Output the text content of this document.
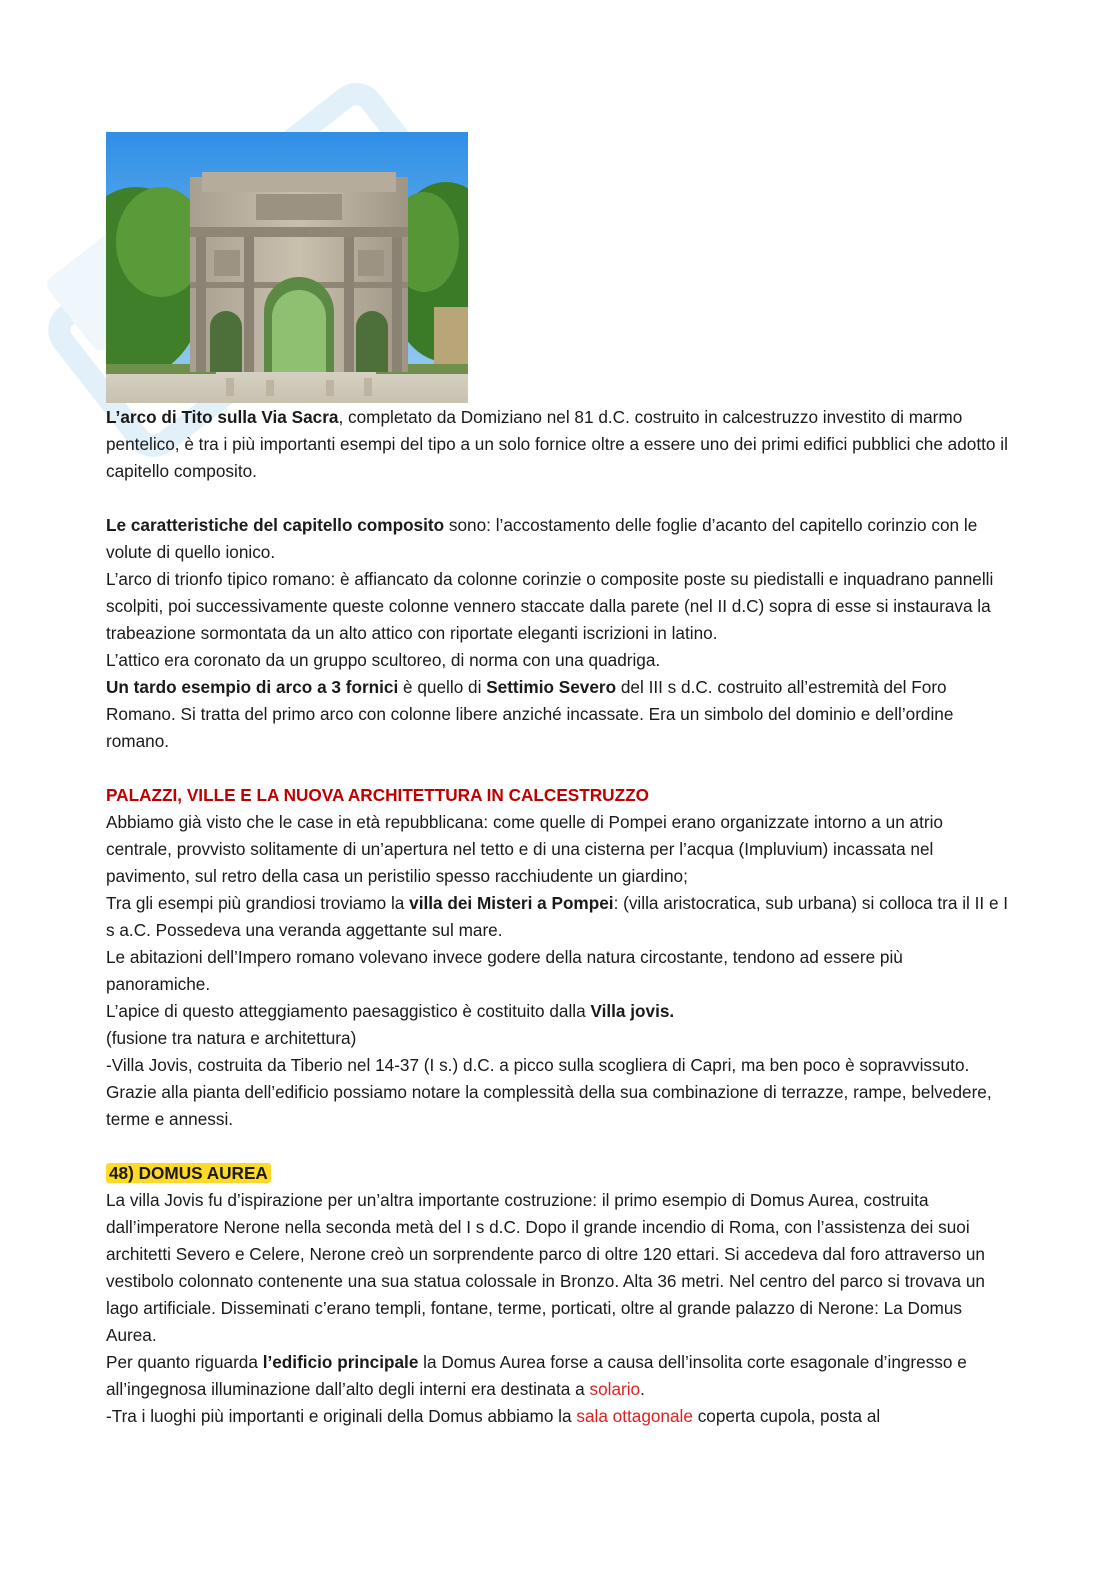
L’arco di Tito sulla Via Sacra, completato da Domiziano nel 81 d.C. costruito in calcestruzzo investito di marmo pentelico, è tra i più importanti esempi del tipo a un solo fornice oltre a essere uno dei primi edifici pubblici che adotto il capitello composito.

Le caratteristiche del capitello composito sono: l’accostamento delle foglie d’acanto del capitello corinzio con le volute di quello ionico.

L’arco di trionfo tipico romano: è affiancato da colonne corinzie o composite poste su piedistalli e inquadrano pannelli scolpiti, poi successivamente queste colonne vennero staccate dalla parete (nel II d.C) sopra di esse si instaurava la trabeazione sormontata da un alto attico con riportate eleganti iscrizioni in latino.

L’attico era coronato da un gruppo scultoreo, di norma con una quadriga.

Un tardo esempio di arco a 3 fornici è quello di Settimio Severo del III s d.C. costruito all’estremità del Foro Romano. Si tratta del primo arco con colonne libere anziché incassate. Era un simbolo del dominio e dell’ordine romano.

PALAZZI, VILLE E LA NUOVA ARCHITETTURA IN CALCESTRUZZO

Abbiamo già visto che le case in età repubblicana: come quelle di Pompei erano organizzate intorno a un atrio centrale, provvisto solitamente di un’apertura nel tetto e di una cisterna per l’acqua (Impluvium) incassata nel pavimento, sul retro della casa un peristilio spesso racchiudente un giardino;

Tra gli esempi più grandiosi troviamo la villa dei Misteri a Pompei: (villa aristocratica, sub urbana) si colloca tra il II e I s a.C. Possedeva una veranda aggettante sul mare.

Le abitazioni dell’Impero romano volevano invece godere della natura circostante, tendono ad essere più panoramiche.

L’apice di questo atteggiamento paesaggistico è costituito dalla Villa jovis.

(fusione tra natura e architettura)

-Villa Jovis, costruita da Tiberio nel 14-37 (I s.) d.C. a picco sulla scogliera di Capri, ma ben poco è sopravvissuto. Grazie alla pianta dell’edificio possiamo notare la complessità della sua combinazione di terrazze, rampe, belvedere, terme e annessi.

48) DOMUS AUREA

La villa Jovis fu d’ispirazione per un’altra importante costruzione: il primo esempio di Domus Aurea, costruita dall’imperatore Nerone nella seconda metà del I s d.C. Dopo il grande incendio di Roma, con l’assistenza dei suoi architetti Severo e Celere, Nerone creò un sorprendente parco di oltre 120 ettari. Si accedeva dal foro attraverso un vestibolo colonnato contenente una sua statua colossale in Bronzo. Alta 36 metri. Nel centro del parco si trovava un lago artificiale. Disseminati c’erano templi, fontane, terme, porticati, oltre al grande palazzo di Nerone: La Domus Aurea.

Per quanto riguarda l’edificio principale la Domus Aurea forse a causa dell’insolita corte esagonale d’ingresso e all’ingegnosa illuminazione dall’alto degli interni era destinata a solario.

-Tra i luoghi più importanti e originali della Domus abbiamo la sala ottagonale coperta cupola, posta al
